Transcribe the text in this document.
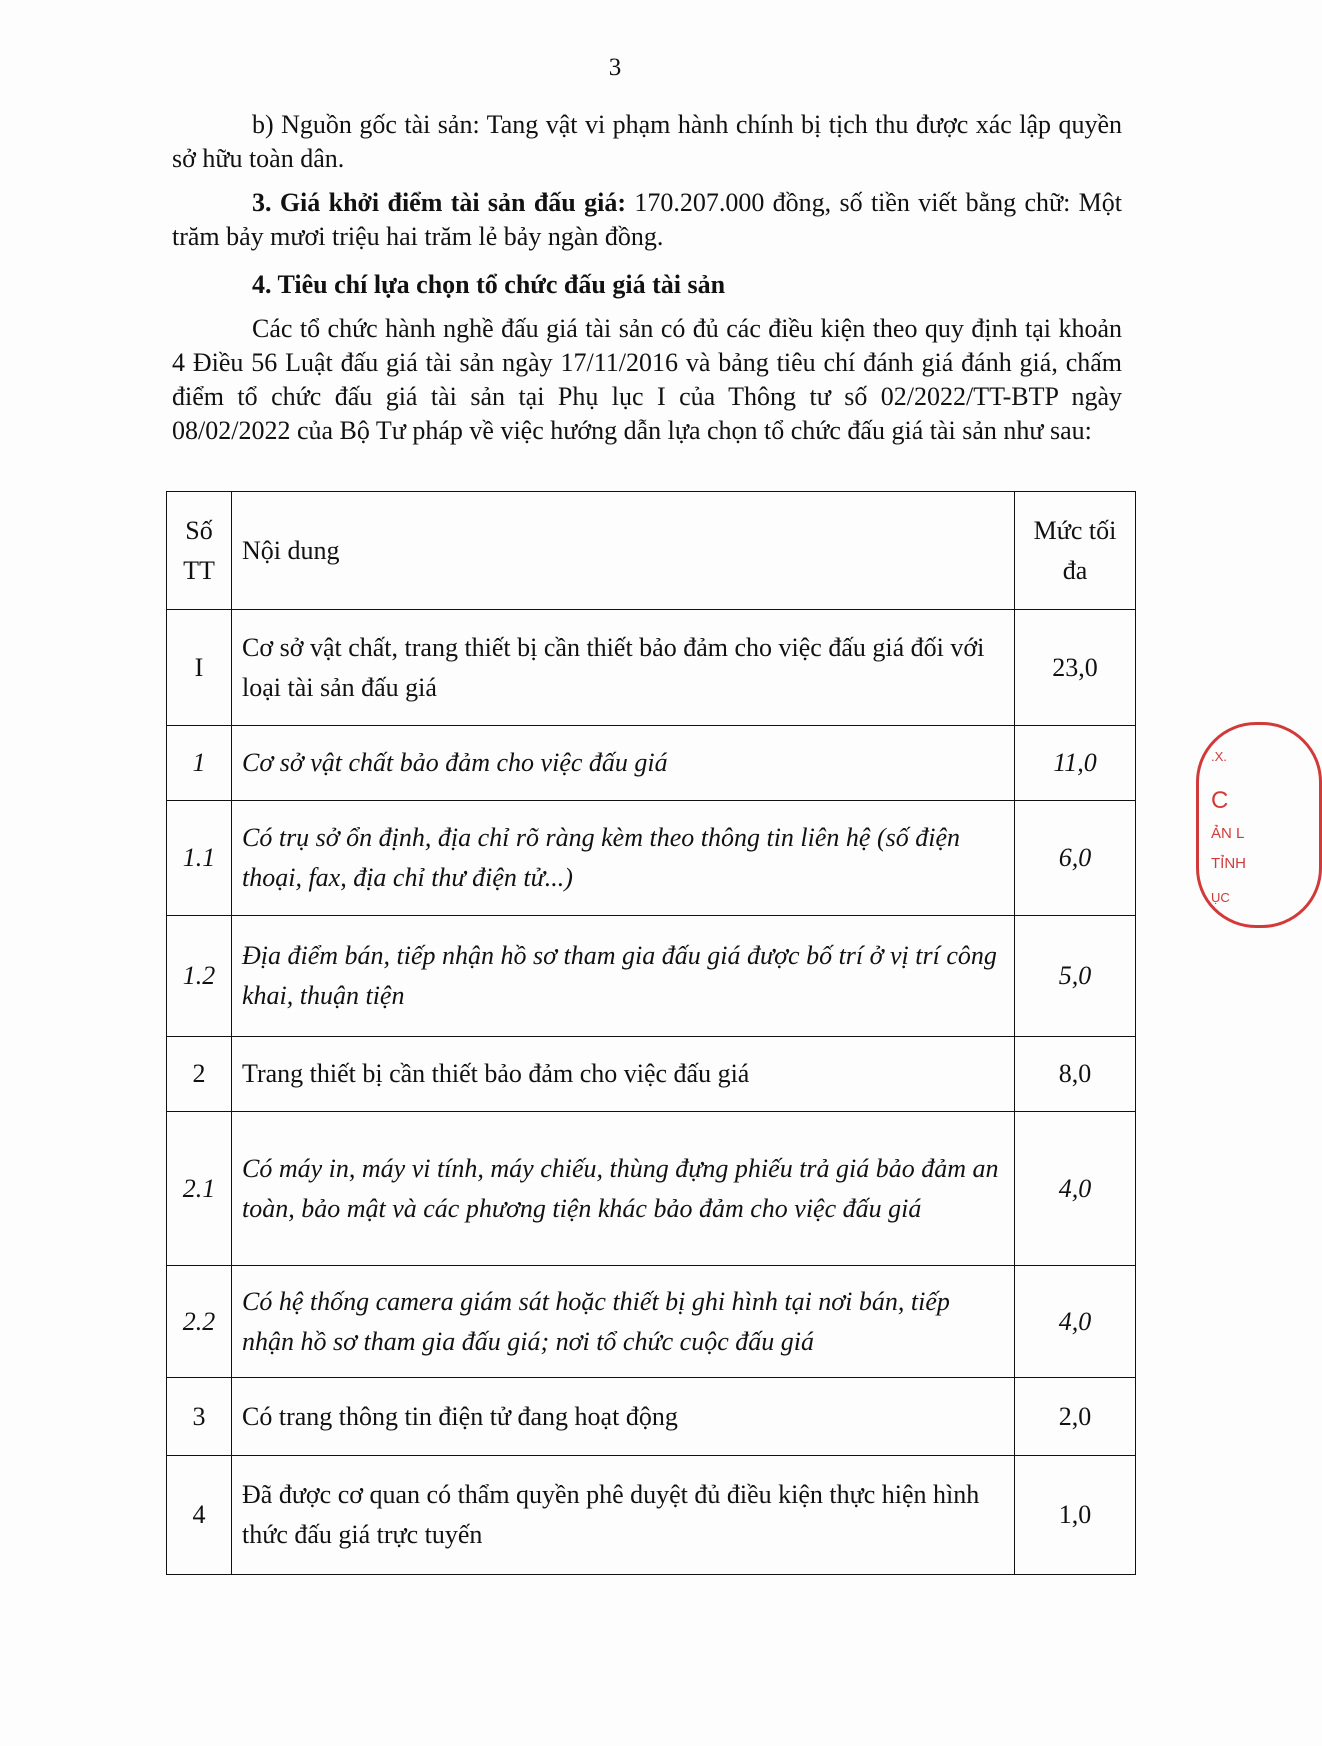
3
b) Nguồn gốc tài sản: Tang vật vi phạm hành chính bị tịch thu được xác lập quyền sở hữu toàn dân.
3. Giá khởi điểm tài sản đấu giá: 170.207.000 đồng, số tiền viết bằng chữ: Một trăm bảy mươi triệu hai trăm lẻ bảy ngàn đồng.
4. Tiêu chí lựa chọn tổ chức đấu giá tài sản
Các tổ chức hành nghề đấu giá tài sản có đủ các điều kiện theo quy định tại khoản 4 Điều 56 Luật đấu giá tài sản ngày 17/11/2016 và bảng tiêu chí đánh giá đánh giá, chấm điểm tổ chức đấu giá tài sản tại Phụ lục I của Thông tư số 02/2022/TT-BTP ngày 08/02/2022 của Bộ Tư pháp về việc hướng dẫn lựa chọn tổ chức đấu giá tài sản như sau:
Số TT	Nội dung	Mức tối đa
I	Cơ sở vật chất, trang thiết bị cần thiết bảo đảm cho việc đấu giá đối với loại tài sản đấu giá	23,0
1	Cơ sở vật chất bảo đảm cho việc đấu giá	11,0
1.1	Có trụ sở ổn định, địa chỉ rõ ràng kèm theo thông tin liên hệ (số điện thoại, fax, địa chỉ thư điện tử...)	6,0
1.2	Địa điểm bán, tiếp nhận hồ sơ tham gia đấu giá được bố trí ở vị trí công khai, thuận tiện	5,0
2	Trang thiết bị cần thiết bảo đảm cho việc đấu giá	8,0
2.1	Có máy in, máy vi tính, máy chiếu, thùng đựng phiếu trả giá bảo đảm an toàn, bảo mật và các phương tiện khác bảo đảm cho việc đấu giá	4,0
2.2	Có hệ thống camera giám sát hoặc thiết bị ghi hình tại nơi bán, tiếp nhận hồ sơ tham gia đấu giá; nơi tổ chức cuộc đấu giá	4,0
3	Có trang thông tin điện tử đang hoạt động	2,0
4	Đã được cơ quan có thẩm quyền phê duyệt đủ điều kiện thực hiện hình thức đấu giá trực tuyến	1,0
.X.
C
ẢN L
TỈNH
ỤC
